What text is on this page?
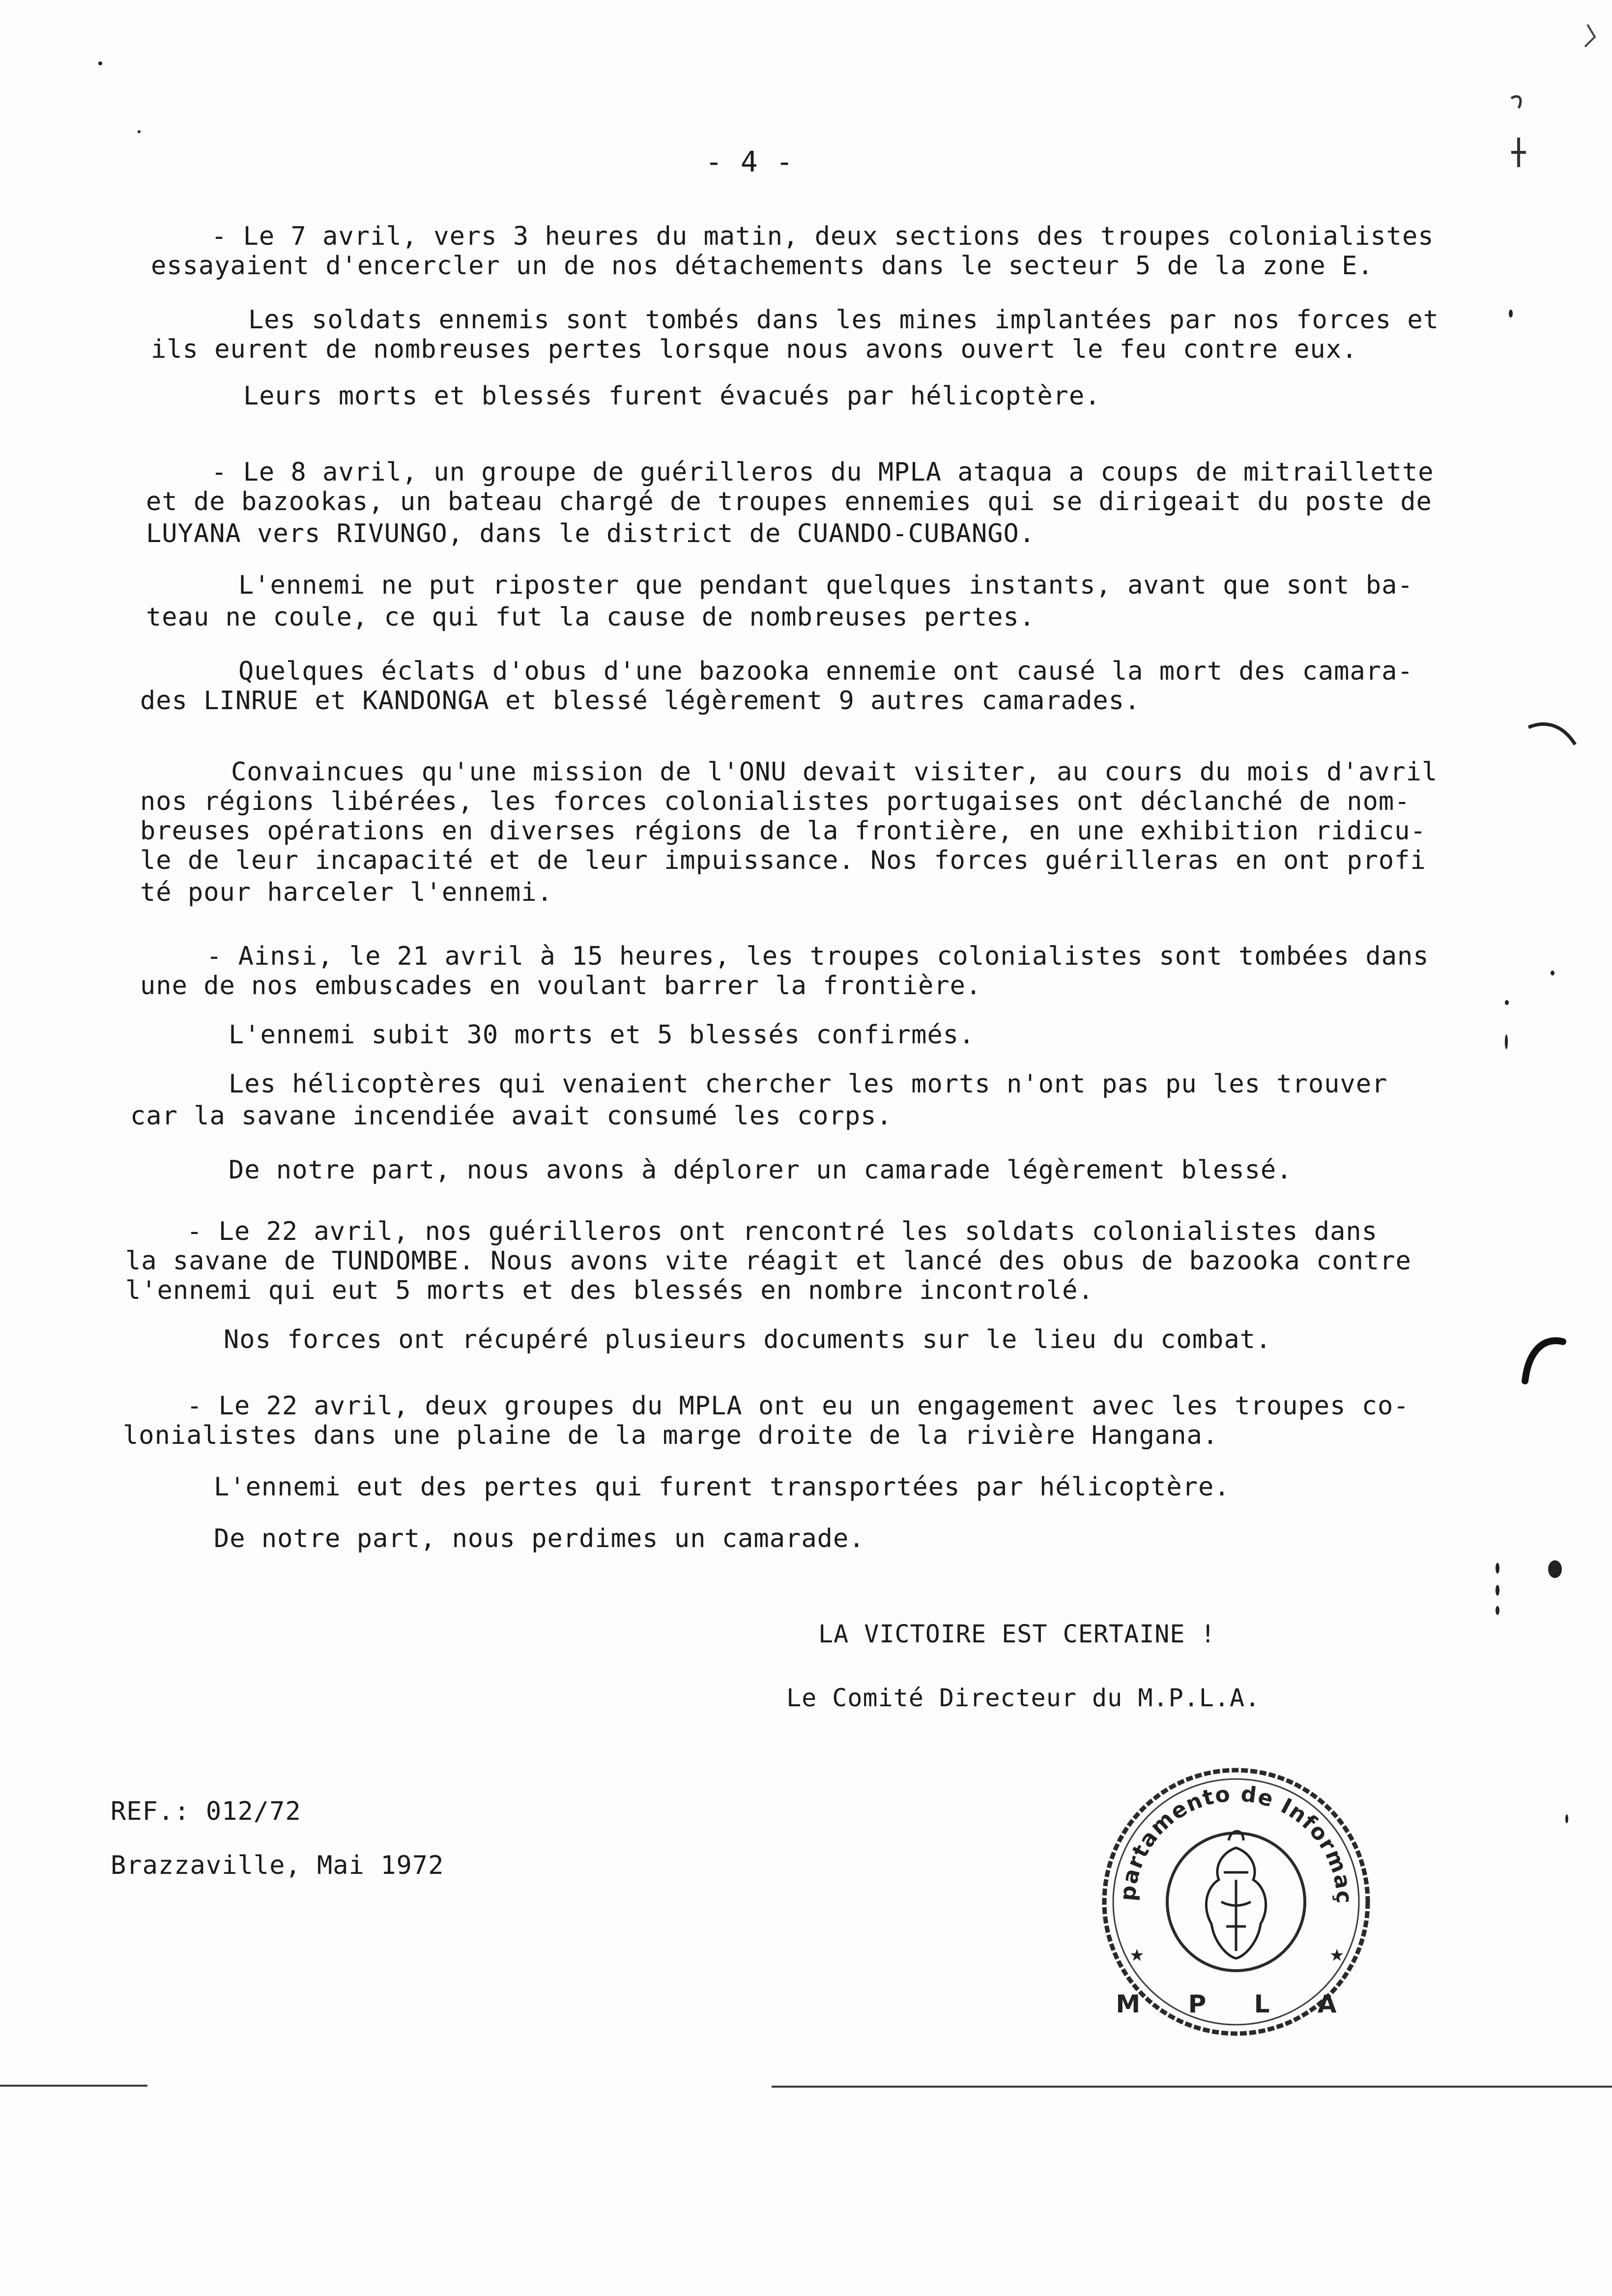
- 4 -
- Le 7 avril, vers 3 heures du matin, deux sections des troupes colonialistes
essayaient d'encercler un de nos détachements dans le secteur 5 de la zone E.
Les soldats ennemis sont tombés dans les mines implantées par nos forces et
ils eurent de nombreuses pertes lorsque nous avons ouvert le feu contre eux.
Leurs morts et blessés furent évacués par hélicoptère.
- Le 8 avril, un groupe de guérilleros du MPLA ataqua a coups de mitraillette
et de bazookas, un bateau chargé de troupes ennemies qui se dirigeait du poste de
LUYANA vers RIVUNGO, dans le district de CUANDO-CUBANGO.
L'ennemi ne put riposter que pendant quelques instants, avant que sont ba-
teau ne coule, ce qui fut la cause de nombreuses pertes.
Quelques éclats d'obus d'une bazooka ennemie ont causé la mort des camara-
des LINRUE et KANDONGA et blessé légèrement 9 autres camarades.
Convaincues qu'une mission de l'ONU devait visiter, au cours du mois d'avril
nos régions libérées, les forces colonialistes portugaises ont déclanché de nom-
breuses opérations en diverses régions de la frontière, en une exhibition ridicu-
le de leur incapacité et de leur impuissance. Nos forces guérilleras en ont profi
té pour harceler l'ennemi.
- Ainsi, le 21 avril à 15 heures, les troupes colonialistes sont tombées dans
une de nos embuscades en voulant barrer la frontière.
L'ennemi subit 30 morts et 5 blessés confirmés.
Les hélicoptères qui venaient chercher les morts n'ont pas pu les trouver
car la savane incendiée avait consumé les corps.
De notre part, nous avons à déplorer un camarade légèrement blessé.
- Le 22 avril, nos guérilleros ont rencontré les soldats colonialistes dans
la savane de TUNDOMBE. Nous avons vite réagit et lancé des obus de bazooka contre
l'ennemi qui eut 5 morts et des blessés en nombre incontrolé.
Nos forces ont récupéré plusieurs documents sur le lieu du combat.
- Le 22 avril, deux groupes du MPLA ont eu un engagement avec les troupes co-
lonialistes dans une plaine de la marge droite de la rivière Hangana.
L'ennemi eut des pertes qui furent transportées par hélicoptère.
De notre part, nous perdimes un camarade.
LA VICTOIRE EST CERTAINE !
Le Comité Directeur du M.P.L.A.
REF.: 012/72
Brazzaville, Mai 1972
partamento de Informaç
M P L A
★	★
